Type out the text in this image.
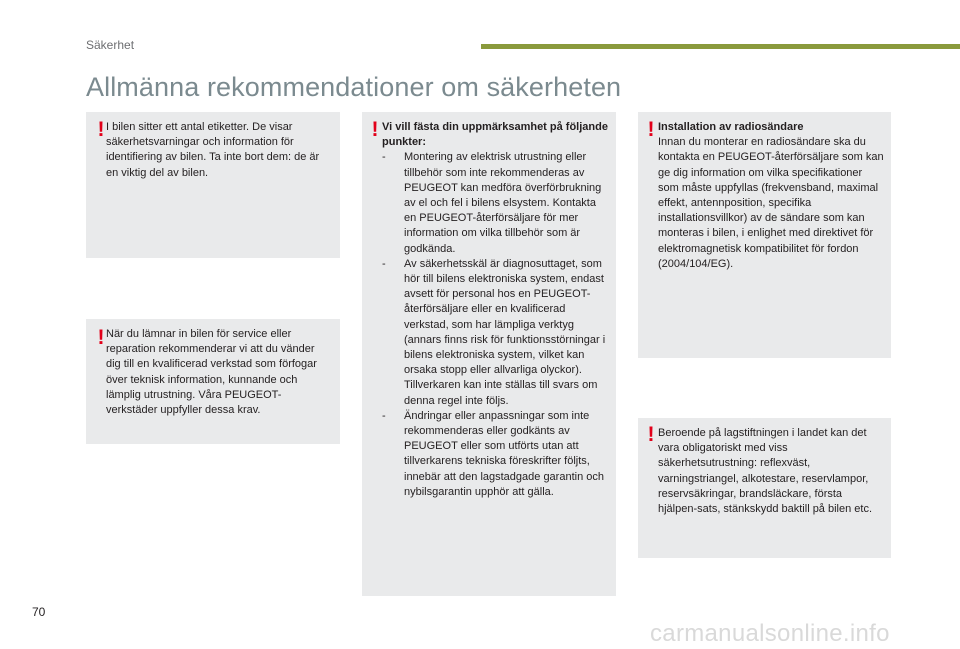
Säkerhet
Allmänna rekommendationer om säkerheten
! I bilen sitter ett antal etiketter. De visar säkerhetsvarningar och information för identifiering av bilen. Ta inte bort dem: de är en viktig del av bilen.
! När du lämnar in bilen för service eller reparation rekommenderar vi att du vänder dig till en kvalificerad verkstad som förfogar över teknisk information, kunnande och lämplig utrustning. Våra PEUGEOT-verkstäder uppfyller dessa krav.
! Vi vill fästa din uppmärksamhet på följande punkter:
- Montering av elektrisk utrustning eller tillbehör som inte rekommenderas av PEUGEOT kan medföra överförbrukning av el och fel i bilens elsystem. Kontakta en PEUGEOT-återförsäljare för mer information om vilka tillbehör som är godkända.
- Av säkerhetsskäl är diagnosuttaget, som hör till bilens elektroniska system, endast avsett för personal hos en PEUGEOT-återförsäljare eller en kvalificerad verkstad, som har lämpliga verktyg (annars finns risk för funktionsstörningar i bilens elektroniska system, vilket kan orsaka stopp eller allvarliga olyckor). Tillverkaren kan inte ställas till svars om denna regel inte följs.
- Ändringar eller anpassningar som inte rekommenderas eller godkänts av PEUGEOT eller som utförts utan att tillverkarens tekniska föreskrifter följts, innebär att den lagstadgade garantin och nybilsgarantin upphör att gälla.
! Installation av radiosändare

Innan du monterar en radiosändare ska du kontakta en PEUGEOT-återförsäljare som kan ge dig information om vilka specifikationer som måste uppfyllas (frekvensband, maximal effekt, antennposition, specifika installationsvillkor) av de sändare som kan monteras i bilen, i enlighet med direktivet för elektromagnetisk kompatibilitet för fordon (2004/104/EG).

! Beroende på lagstiftningen i landet kan det vara obligatoriskt med viss säkerhetsutrustning: reflexväst, varningstriangel, alkotestare, reservlampor, reservsäkringar, brandsläckare, första hjälpen-sats, stänkskydd baktill på bilen etc.
70
carmanualsonline.info
